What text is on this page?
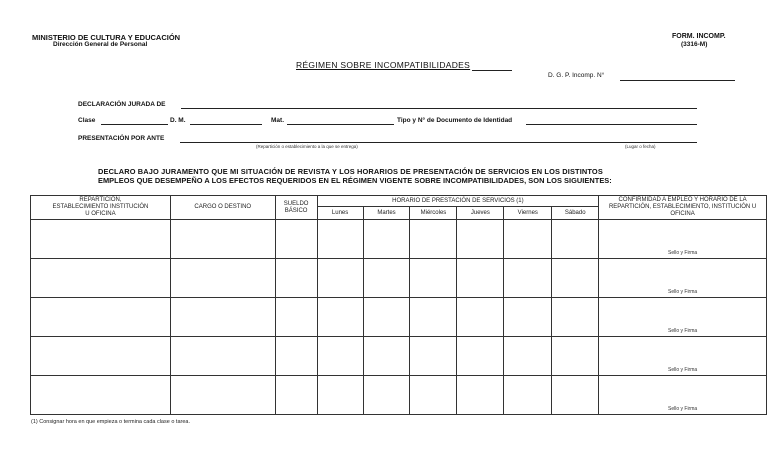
MINISTERIO DE CULTURA Y EDUCACIÓN
Dirección General de Personal
FORM. INCOMP.
(3316-M)
RÉGIMEN SOBRE INCOMPATIBILIDADES
D. G. P. Incomp. N°
DECLARACIÓN JURADA DE
Clase	D. M.	Mat.	Tipo y N° de Documento de Identidad
PRESENTACIÓN POR ANTE
(Repartición o establecimiento a la que se entrega)	(Lugar o fecha)
DECLARO BAJO JURAMENTO QUE MI SITUACIÓN DE REVISTA Y LOS HORARIOS DE PRESENTACIÓN DE SERVICIOS EN LOS DISTINTOS
EMPLEOS QUE DESEMPEÑO A LOS EFECTOS REQUERIDOS EN EL RÉGIMEN VIGENTE SOBRE INCOMPATIBILIDADES, SON LOS SIGUIENTES:
REPARTICIÓN, ESTABLECIMIENTO INSTITUCIÓN U OFICINA	CARGO O DESTINO	SUELDO BÁSICO	HORARIO DE PRESTACIÓN DE SERVICIOS (1)						CONFIRMIDAD A EMPLEO Y HORARIO DE LA REPARTICIÓN, ESTABLECIMIENTO, INSTITUCIÓN U OFICINA
			Lunes	Martes	Miércoles	Jueves	Viernes	Sábado	

									Sello y Firma

									Sello y Firma

									Sello y Firma

									Sello y Firma

									Sello y Firma
(1) Consignar hora en que empieza o termina cada clase o tarea.
